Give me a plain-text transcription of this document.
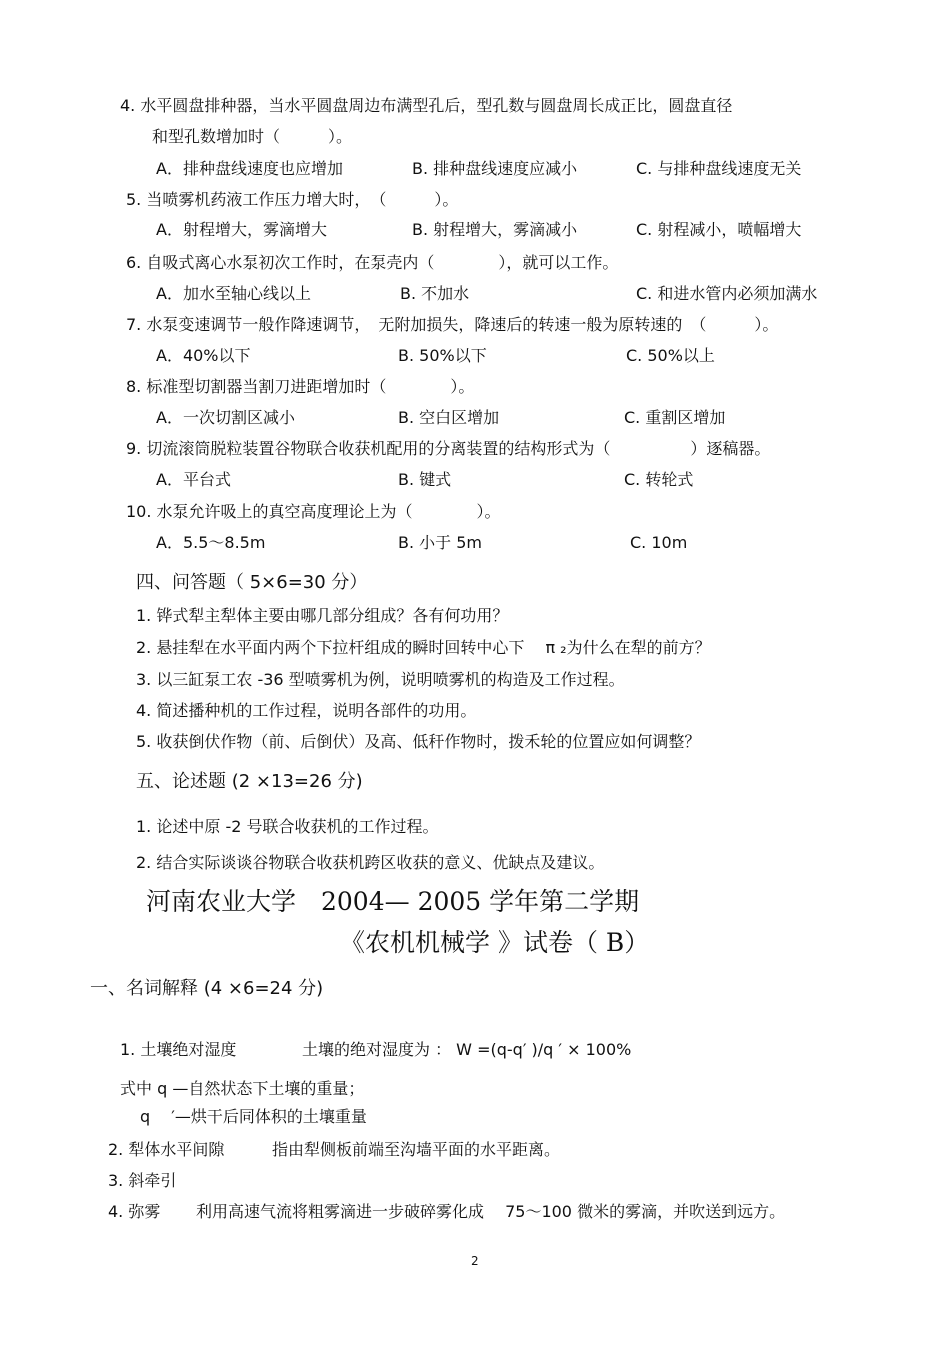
4. 水平圆盘排种器，当水平圆盘周边布满型孔后，型孔数与圆盘周长成正比，圆盘直径
和型孔数增加时（　　　）。
A．排种盘线速度也应增加	B. 排种盘线速度应减小	C. 与排种盘线速度无关
5. 当喷雾机药液工作压力增大时，　（　　　）。
A．射程增大，雾滴增大	B. 射程增大，雾滴减小	C. 射程减小，喷幅增大
6. 自吸式离心水泵初次工作时，在泵壳内（　　　　），就可以工作。
A．加水至轴心线以上	B. 不加水	C. 和进水管内必须加满水
7. 水泵变速调节一般作降速调节，　无附加损失，降速后的转速一般为原转速的　（　　　）。
A．40%以下	B. 50%以下	C. 50%以上
8. 标准型切割器当割刀进距增加时（　　　　）。
A．一次切割区减小	B. 空白区增加	C. 重割区增加
9. 切流滚筒脱粒装置谷物联合收获机配用的分离装置的结构形式为（　　　　　）逐稿器。
A．平台式	B. 键式	C. 转轮式
10. 水泵允许吸上的真空高度理论上为（　　　　）。
A．5.5～8.5m	B. 小于 5m	C. 10m
四、问答题（ 5×6=30 分）
1. 铧式犁主犁体主要由哪几部分组成？各有何功用？
2. 悬挂犁在水平面内两个下拉杆组成的瞬时回转中心下　 π ₂为什么在犁的前方？
3. 以三缸泵工农 -36 型喷雾机为例，说明喷雾机的构造及工作过程。
4. 简述播种机的工作过程，说明各部件的功用。
5. 收获倒伏作物（前、后倒伏）及高、低秆作物时，拨禾轮的位置应如何调整？
五、论述题 (2 ×13=26 分)
1. 论述中原 -2 号联合收获机的工作过程。
2. 结合实际谈谈谷物联合收获机跨区收获的意义、优缺点及建议。
河南农业大学　2004— 2005 学年第二学期
《农机机械学 》试卷（ B）
一、名词解释 (4 ×6=24 分)
1. 土壤绝对湿度	土壤的绝对湿度为 ： W =(q-q′ )/q ′ × 100%
式中 q —自然状态下土壤的重量；
q　 ′—烘干后同体积的土壤重量
2. 犁体水平间隙	指由犁侧板前端至沟墙平面的水平距离。
3. 斜牵引
4. 弥雾 利用高速气流将粗雾滴进一步破碎雾化成　 75～100 微米的雾滴，并吹送到远方。
2
